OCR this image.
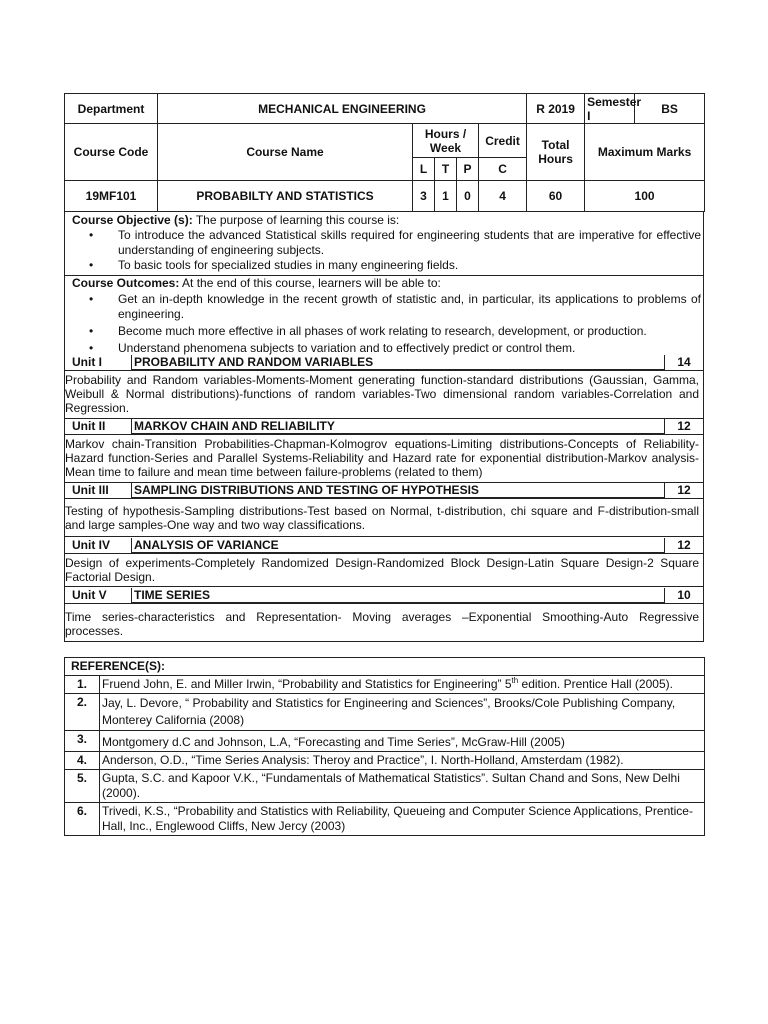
Department	MECHANICAL ENGINEERING					R 2019	Semester I	BS
Course Code	Course Name	Hours / Week			Credit	Total Hours	Maximum Marks	
		L	T	P	C			
19MF101	PROBABILTY AND STATISTICS	3	1	0	4	60	100	
Course Objective (s): The purpose of learning this course is:
• To introduce the advanced Statistical skills required for engineering students that are imperative for effective understanding of engineering subjects.
• To basic tools for specialized studies in many engineering fields.
Course Outcomes: At the end of this course, learners will be able to:
• Get an in-depth knowledge in the recent growth of statistic and, in particular, its applications to problems of engineering.
• Become much more effective in all phases of work relating to research, development, or production.
• Understand phenomena subjects to variation and to effectively predict or control them.
Unit I	PROBABILITY AND RANDOM VARIABLES	14
Probability and Random variables-Moments-Moment generating function-standard distributions (Gaussian, Gamma, Weibull & Normal distributions)-functions of random variables-Two dimensional random variables-Correlation and Regression.
Unit II MARKOV CHAIN AND RELIABILITY	12
Markov chain-Transition Probabilities-Chapman-Kolmogrov equations-Limiting distributions-Concepts of Reliability-Hazard function-Series and Parallel Systems-Reliability and Hazard rate for exponential distribution-Markov analysis-Mean time to failure and mean time between failure-problems (related to them)
Unit III SAMPLING DISTRIBUTIONS AND TESTING OF HYPOTHESIS	12
Testing of hypothesis-Sampling distributions-Test based on Normal, t-distribution, chi square and F-distribution-small and large samples-One way and two way classifications.
Unit IV ANALYSIS OF VARIANCE	12
Design of experiments-Completely Randomized Design-Randomized Block Design-Latin Square Design-2 Square Factorial Design.
Unit V TIME SERIES	10
Time series-characteristics and Representation- Moving averages –Exponential Smoothing-Auto Regressive processes.
REFERENCE(S):	
1.	Fruend John, E. and Miller Irwin, “Probability and Statistics for Engineering” 5th edition. Prentice Hall (2005).
2.	Jay, L. Devore, “ Probability and Statistics for Engineering and Sciences”, Brooks/Cole Publishing Company, Monterey California (2008)
3.	Montgomery d.C and Johnson, L.A, “Forecasting and Time Series”, McGraw-Hill (2005)
4.	Anderson, O.D., “Time Series Analysis: Theroy and Practice”, I. North-Holland, Amsterdam (1982).
5.	Gupta, S.C. and Kapoor V.K., “Fundamentals of Mathematical Statistics”. Sultan Chand and Sons, New Delhi (2000).
6.	Trivedi, K.S., “Probability and Statistics with Reliability, Queueing and Computer Science Applications, Prentice-Hall, Inc., Englewood Cliffs, New Jercy (2003)
